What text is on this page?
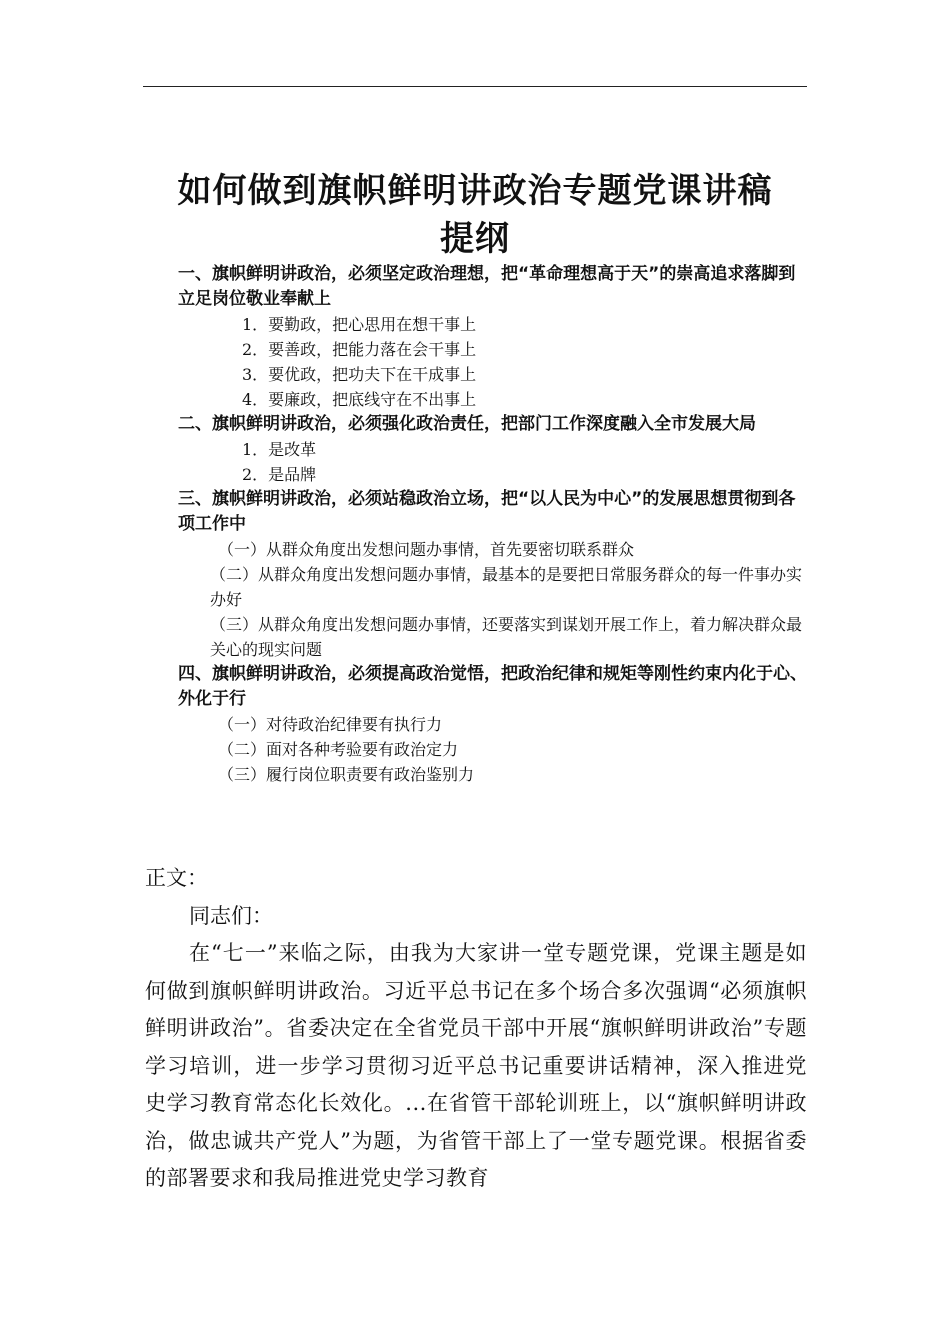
如何做到旗帜鲜明讲政治专题党课讲稿
提纲

一、旗帜鲜明讲政治，必须坚定政治理想，把“革命理想高于天”的崇高追求落脚到立足岗位敬业奉献上

1．要勤政，把心思用在想干事上

2．要善政，把能力落在会干事上

3．要优政，把功夫下在干成事上

4．要廉政，把底线守在不出事上

二、旗帜鲜明讲政治，必须强化政治责任，把部门工作深度融入全市发展大局

1．是改革

2．是品牌

三、旗帜鲜明讲政治，必须站稳政治立场，把“以人民为中心”的发展思想贯彻到各项工作中

（一）从群众角度出发想问题办事情，首先要密切联系群众

（二）从群众角度出发想问题办事情，最基本的是要把日常服务群众的每一件事办实办好

（三）从群众角度出发想问题办事情，还要落实到谋划开展工作上，着力解决群众最关心的现实问题

四、旗帜鲜明讲政治，必须提高政治觉悟，把政治纪律和规矩等刚性约束内化于心、外化于行

（一）对待政治纪律要有执行力

（二）面对各种考验要有政治定力

（三）履行岗位职责要有政治鉴别力

正文：

同志们：

在“七一”来临之际，由我为大家讲一堂专题党课，党课主题是如何做到旗帜鲜明讲政治。习近平总书记在多个场合多次强调“必须旗帜鲜明讲政治”。省委决定在全省党员干部中开展“旗帜鲜明讲政治”专题学习培训，进一步学习贯彻习近平总书记重要讲话精神，深入推进党史学习教育常态化长效化。...在省管干部轮训班上，以“旗帜鲜明讲政治，做忠诚共产党人”为题，为省管干部上了一堂专题党课。根据省委的部署要求和我局推进党史学习教育
